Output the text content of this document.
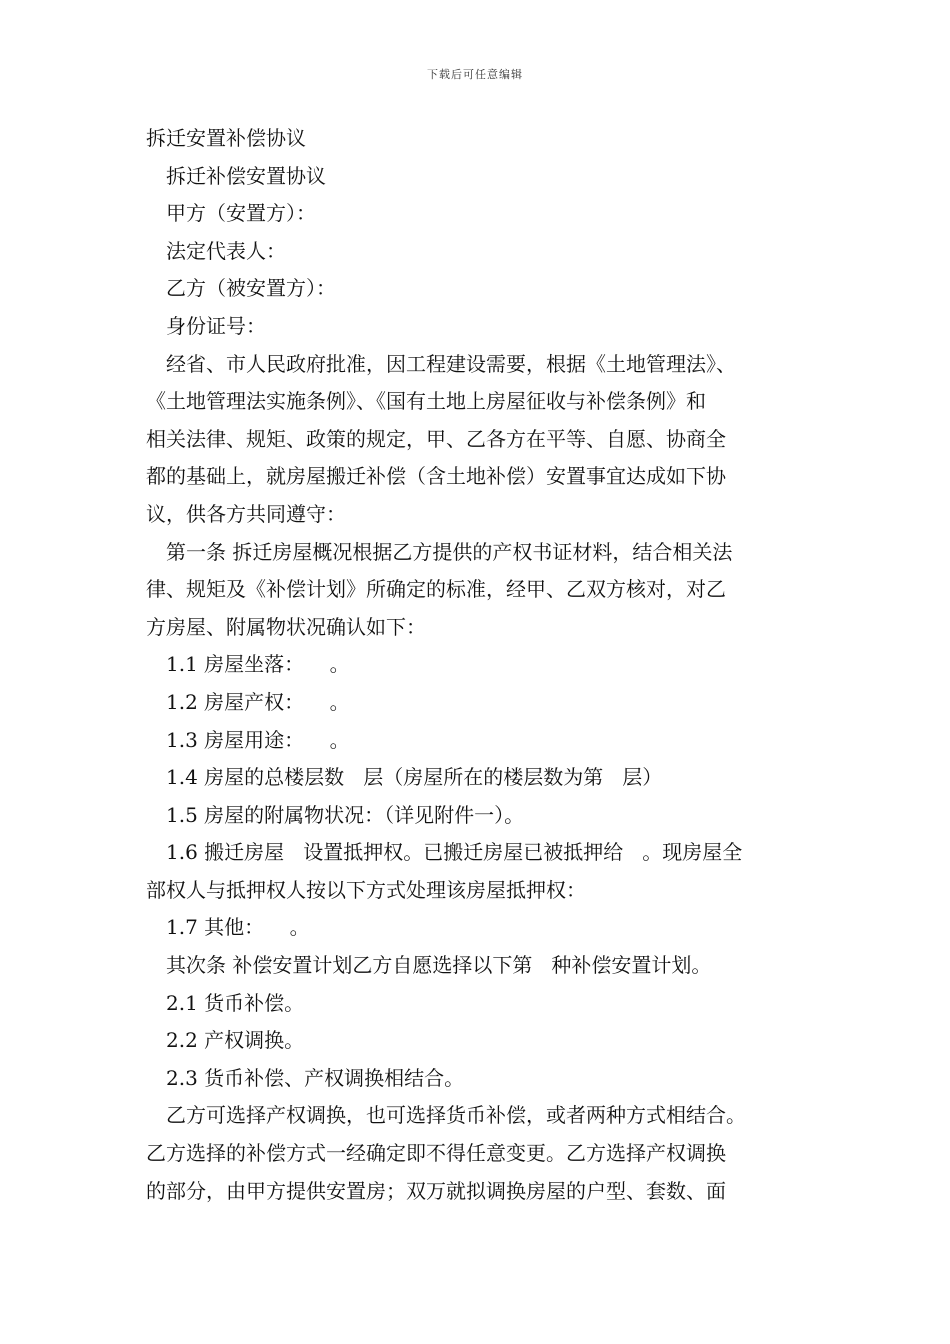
下载后可任意编辑
拆迁安置补偿协议
拆迁补偿安置协议
甲方（安置方）：
法定代表人：
乙方（被安置方）：
身份证号：
经省、市人民政府批准，因工程建设需要，根据《土地管理法》、
《土地管理法实施条例》、《国有土地上房屋征收与补偿条例》和
相关法律、规矩、政策的规定，甲、乙各方在平等、自愿、协商全
都的基础上，就房屋搬迁补偿（含土地补偿）安置事宜达成如下协
议，供各方共同遵守：
第一条 拆迁房屋概况根据乙方提供的产权书证材料，结合相关法
律、规矩及《补偿计划》所确定的标准，经甲、乙双方核对，对乙
方房屋、附属物状况确认如下：
1.1 房屋坐落：    。
1.2 房屋产权：    。
1.3 房屋用途：    。
1.4 房屋的总楼层数   层（房屋所在的楼层数为第   层）
1.5 房屋的附属物状况：（详见附件一）。
1.6 搬迁房屋   设置抵押权。已搬迁房屋已被抵押给   。现房屋全
部权人与抵押权人按以下方式处理该房屋抵押权：
1.7 其他：    。
其次条 补偿安置计划乙方自愿选择以下第   种补偿安置计划。
2.1 货币补偿。
2.2 产权调换。
2.3 货币补偿、产权调换相结合。
乙方可选择产权调换，也可选择货币补偿，或者两种方式相结合。
乙方选择的补偿方式一经确定即不得任意变更。乙方选择产权调换
的部分，由甲方提供安置房；双万就拟调换房屋的户型、套数、面
